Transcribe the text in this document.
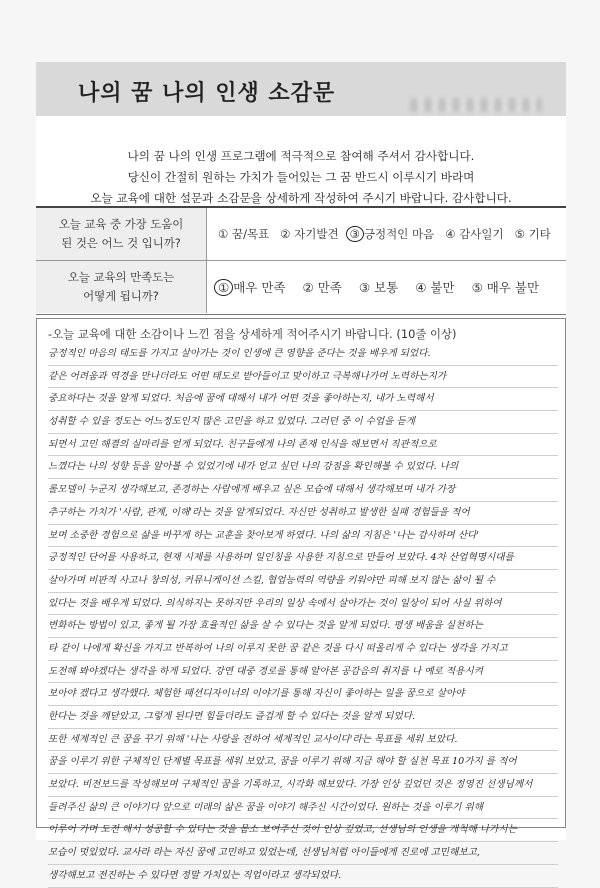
나의 꿈 나의 인생 소감문
나의 꿈 나의 인생 프로그램에 적극적으로 참여해 주셔서 감사합니다.
당신이 간절히 원하는 가치가 들어있는 그 꿈 반드시 이루시기 바라며
오늘 교육에 대한 설문과 소감문을 상세하게 작성하여 주시기 바랍니다. 감사합니다.
오늘 교육 중 가장 도움이
된 것은 어느 것 입니까?
① 꿈/목표 ② 자기발견 ③ 긍정적인 마음 ④ 감사일기 ⑤ 기타
오늘 교육의 만족도는
어떻게 됩니까?
① 매우 만족 ② 만족 ③ 보통 ④ 불만 ⑤ 매우 불만
-오늘 교육에 대한 소감이나 느낀 점을 상세하게 적어주시기 바랍니다. (10줄 이상)
긍정적인 마음의 태도를 가지고 살아가는 것이 인생에 큰 영향을 준다는 것을 배우게 되었다.
같은 어려움과 역경을 만나더라도 어떤 태도로 받아들이고 맞이하고 극복해나가며 노력하는지가
중요하다는 것을 알게 되었다. 처음에 꿈에 대해서 내가 어떤 것을 좋아하는지, 내가 노력해서
성취할 수 있을 정도는 어느정도인지 많은 고민을 하고 있었다. 그러던 중 이 수업을 듣게
되면서 고민 해결의 실마리를 얻게 되었다. 친구들에게 나의 존재 인식을 해보면서 직관적으로
느꼈다는 나의 성향 등을 알아볼 수 있었기에 내가 얻고 싶던 나의 강점을 확인해볼 수 있었다. 나의
롤모델이 누군지 생각해보고, 존경하는 사람에게 배우고 싶은 모습에 대해서 생각해보며 내가 가장
추구하는 가치가 '사람, 관계, 이해'라는 것을 알게되었다. 자신만 성취하고 발생한 실패 경험들을 적어
보며 소중한 경험으로 삶을 바꾸게 하는 교훈을 찾아보게 하였다. 나의 삶의 지침은 '나는 감사하며 산다'
긍정적인 단어를 사용하고, 현재 시제를 사용하며 일인칭을 사용한 지침으로 만들어 보았다. 4차 산업혁명시대를
살아가며 비판적 사고나 창의성, 커뮤니케이션 스킬, 협업능력의 역량을 키워야만 피해 보지 않는 삶이 될 수
있다는 것을 배우게 되었다. 의식하지는 못하지만 우리의 일상 속에서 살아가는 것이 일상이 되어 사실 위하여
변화하는 방법이 있고, 좋게 될 가장 효율적인 삶을 살 수 있다는 것을 알게 되었다. 평생 배움을 실천하는
타 같이 나에게 확신을 가지고 반복하여 나의 이루지 못한 꿈 같은 것을 다시 떠올리게 수 있다는 생각을 가지고
도전해 봐야겠다는 생각을 하게 되었다. 강연 대중 경로를 통해 알아본 공감음의 취지를 나 예로 적용시켜
보아야 겠다고 생각했다. 체험한 패션디자이너의 이야기를 통해 자신이 좋아하는 일을 꿈으로 살아야
한다는 것을 깨닫았고, 그렇게 된다면 힘들더라도 즐겁게 할 수 있다는 것을 알게 되었다.
또한 세계적인 큰 꿈을 꾸기 위해 '나는 사랑을 전하여 세계적인 교사이다'라는 목표를 세워 보았다.
꿈을 이루기 위한 구체적인 단계별 목표를 세워 보았고, 꿈을 이루기 위해 지금 해야 할 실천 목표 10가지 를 적어
보았다. 비전보드를 작성해보며 구체적인 꿈을 기록하고, 시각화 해보았다. 가장 인상 깊었던 것은 정영진 선생님께서
들려주신 삶의 큰 이야기다 앞으로 미래의 삶은 꿈을 이야기 해주신 시간이었다. 원하는 것을 이루기 위해
이루어 가며 도전 해서 성공할 수 있다는 것을 몸소 보여주신 것이 인상 깊었고, 선생님의 인생을 개척해 나가시는
모습이 멋있었다. 교사라 라는 자신 꿈에 고민하고 있었는데, 선생님처럼 아이들에게 진로에 고민해보고,
생각해보고 전진하는 수 있다면 정말 가치있는 직업이라고 생각되었다.
